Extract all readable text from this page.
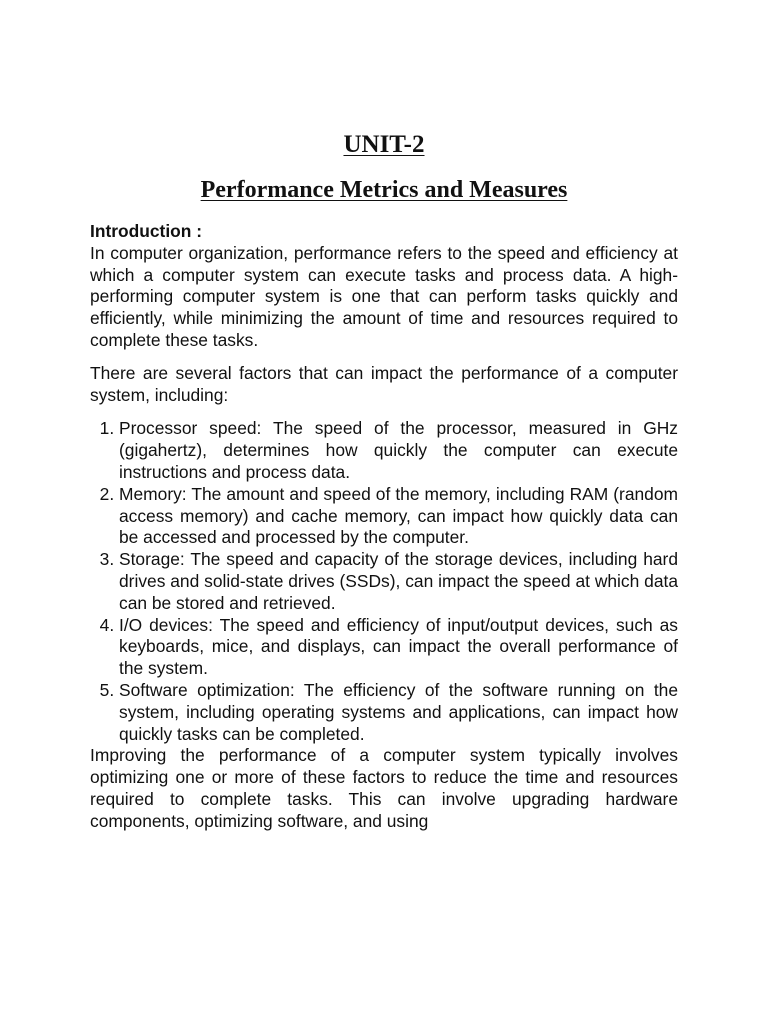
UNIT-2
Performance Metrics and Measures
Introduction :

In computer organization, performance refers to the speed and efficiency at which a computer system can execute tasks and process data. A high-performing computer system is one that can perform tasks quickly and efficiently, while minimizing the amount of time and resources required to complete these tasks.

There are several factors that can impact the performance of a computer system, including:

1. Processor speed: The speed of the processor, measured in GHz (gigahertz), determines how quickly the computer can execute instructions and process data.
2. Memory: The amount and speed of the memory, including RAM (random access memory) and cache memory, can impact how quickly data can be accessed and processed by the computer.
3. Storage: The speed and capacity of the storage devices, including hard drives and solid-state drives (SSDs), can impact the speed at which data can be stored and retrieved.
4. I/O devices: The speed and efficiency of input/output devices, such as keyboards, mice, and displays, can impact the overall performance of the system.
5. Software optimization: The efficiency of the software running on the system, including operating systems and applications, can impact how quickly tasks can be completed.

Improving the performance of a computer system typically involves optimizing one or more of these factors to reduce the time and resources required to complete tasks. This can involve upgrading hardware components, optimizing software, and using
